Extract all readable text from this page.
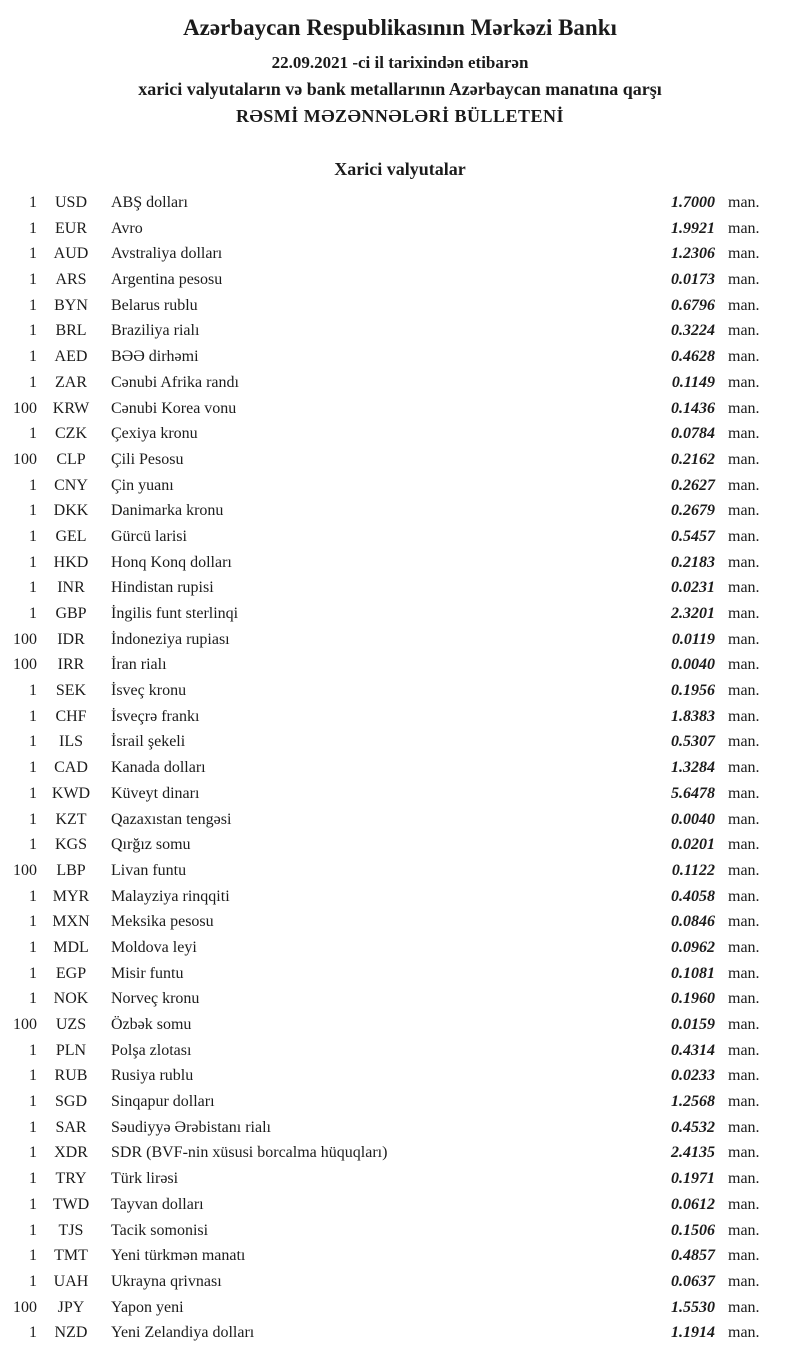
Azərbaycan Respublikasının Mərkəzi Bankı
22.09.2021 -ci il tarixindən etibarən
xarici valyutaların və bank metallarının Azərbaycan manatına qarşı
RƏSMİ MƏZƏNNƏLƏRİ BÜLLETENİ
Xarici valyutalar
1	USD	ABŞ dolları	1.7000 man.
1	EUR	Avro	1.9921 man.
1	AUD	Avstraliya dolları	1.2306 man.
1	ARS	Argentina pesosu	0.0173 man.
1	BYN	Belarus rublu	0.6796 man.
1	BRL	Braziliya rialı	0.3224 man.
1	AED	BƏƏ dirhəmi	0.4628 man.
1	ZAR	Cənubi Afrika randı	0.1149 man.
100 KRW	Cənubi Korea vonu	0.1436 man.
1	CZK	Çexiya kronu	0.0784 man.
100	CLP	Çili Pesosu	0.2162 man.
1	CNY	Çin yuanı	0.2627 man.
1	DKK	Danimarka kronu	0.2679 man.
1	GEL	Gürcü larisi	0.5457 man.
1	HKD	Honq Konq dolları	0.2183 man.
1	INR	Hindistan rupisi	0.0231 man.
1	GBP	İngilis funt sterlinqi	2.3201 man.
100	IDR	İndoneziya rupiası	0.0119 man.
100	IRR	İran rialı	0.0040 man.
1	SEK	İsveç kronu	0.1956 man.
1	CHF	İsveçrə frankı	1.8383 man.
1	ILS	İsrail şekeli	0.5307 man.
1	CAD	Kanada dolları	1.3284 man.
1 KWD	Küveyt dinarı	5.6478 man.
1	KZT	Qazaxıstan tengəsi	0.0040 man.
1	KGS	Qırğız somu	0.0201 man.
100	LBP	Livan funtu	0.1122 man.
1 MYR	Malayziya rinqqiti	0.4058 man.
1 MXN	Meksika pesosu	0.0846 man.
1	MDL	Moldova leyi	0.0962 man.
1	EGP	Misir funtu	0.1081 man.
1	NOK	Norveç kronu	0.1960 man.
100	UZS	Özbək somu	0.0159 man.
1	PLN	Polşa zlotası	0.4314 man.
1	RUB	Rusiya rublu	0.0233 man.
1	SGD	Sinqapur dolları	1.2568 man.
1	SAR	Səudiyyə Ərəbistanı rialı	0.4532 man.
1	XDR	SDR (BVF-nin xüsusi borcalma hüquqları)	2.4135 man.
1	TRY	Türk lirəsi	0.1971 man.
1 TWD	Tayvan dolları	0.0612 man.
1	TJS	Tacik somonisi	0.1506 man.
1	TMT	Yeni türkmən manatı	0.4857 man.
1	UAH	Ukrayna qrivnası	0.0637 man.
100	JPY	Yapon yeni	1.5530 man.
1	NZD	Yeni Zelandiya dolları	1.1914 man.
